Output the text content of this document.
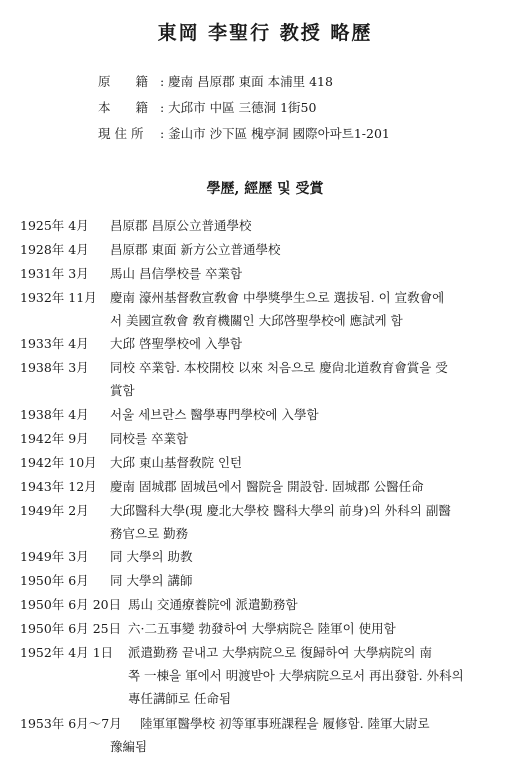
東岡 李聖行 教授 略歷
原　　籍 : 慶南 昌原郡 東面 本浦里 418
本　　籍 : 大邱市 中區 三德洞 1街50
現 住 所 : 釜山市 沙下區 槐亭洞 國際아파트1-201
學歷, 經歷 및 受賞
1925年 4月 昌原郡 昌原公立普通學校
1928年 4月 昌原郡 東面 新方公立普通學校
1931年 3月 馬山 昌信學校를 卒業함
1932年 11月 慶南 濠州基督敎宣敎會 中學獎學生으로 選拔됨. 이 宣敎會에
서 美國宣敎會 敎育機關인 大邱啓聖學校에 應試케 함
1933年 4月 大邱 啓聖學校에 入學함
1938年 3月 同校 卒業함. 本校開校 以來 처음으로 慶尙北道敎育會賞을 受
賞함
1938年 4月 서울 세브란스 醫學專門學校에 入學함
1942年 9月 同校를 卒業함
1942年 10月 大邱 東山基督敎院 인턴
1943年 12月 慶南 固城郡 固城邑에서 醫院을 開設함. 固城郡 公醫任命
1949年 2月 大邱醫科大學(現 慶北大學校 醫科大學의 前身)의 外科의 副醫
務官으로 勤務
1949年 3月 同 大學의 助教
1950年 6月 同 大學의 講師
1950年 6月 20日 馬山 交通療養院에 派遣勤務함
1950年 6月 25日 六·二五事變 勃發하여 大學病院은 陸軍이 使用함
1952年 4月 1日 派遣勤務 끝내고 大學病院으로 復歸하여 大學病院의 南
쪽 一棟을 軍에서 明渡받아 大學病院으로서 再出發함. 外科의
專任講師로 任命됨
1953年 6月～7月 陸軍軍醫學校 初等軍事班課程을 履修함. 陸軍大尉로
豫編됨
